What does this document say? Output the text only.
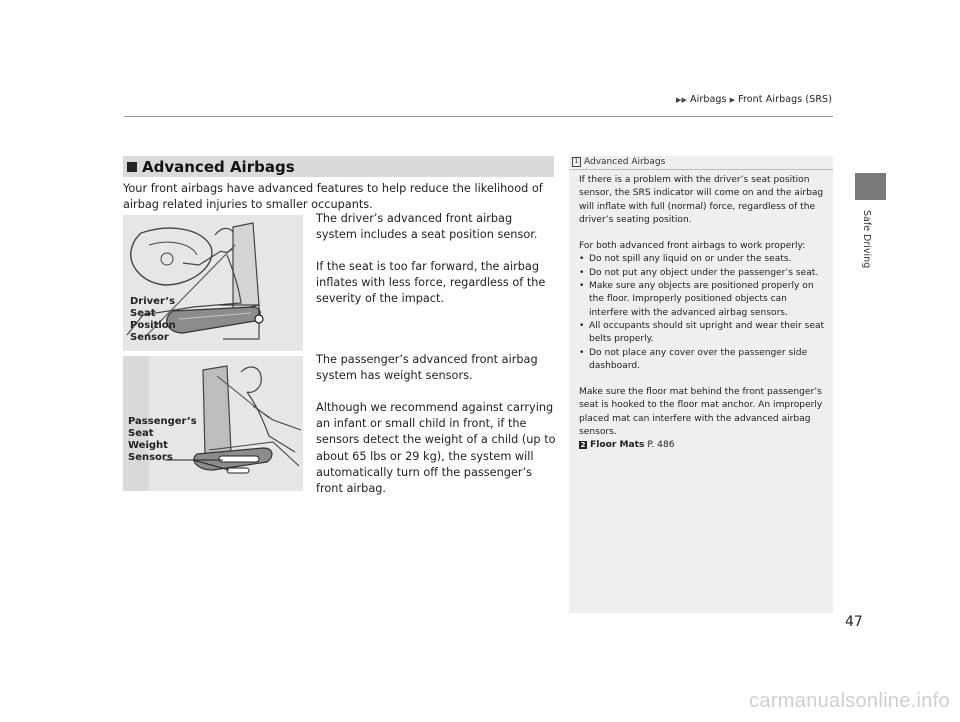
▶▶ Airbags ▶ Front Airbags (SRS)
Safe Driving
Advanced Airbags
Your front airbags have advanced features to help reduce the likelihood of airbag related injuries to smaller occupants.
Driver’s
Seat
Position
Sensor
Passenger’s
Seat
Weight
Sensors
The driver’s advanced front airbag system includes a seat position sensor.
If the seat is too far forward, the airbag inflates with less force, regardless of the severity of the impact.
The passenger’s advanced front airbag system has weight sensors.
Although we recommend against carrying an infant or small child in front, if the sensors detect the weight of a child (up to about 65 lbs or 29 kg), the system will automatically turn off the passenger’s front airbag.
1 Advanced Airbags

If there is a problem with the driver’s seat position sensor, the SRS indicator will come on and the airbag will inflate with full (normal) force, regardless of the driver’s seating position.

For both advanced front airbags to work properly:

• Do not spill any liquid on or under the seats.
• Do not put any object under the passenger’s seat.
• Make sure any objects are positioned properly on the floor. Improperly positioned objects can interfere with the advanced airbag sensors.
• All occupants should sit upright and wear their seat belts properly.
• Do not place any cover over the passenger side dashboard.

Make sure the floor mat behind the front passenger’s seat is hooked to the floor mat anchor. An improperly placed mat can interfere with the advanced airbag sensors.

2 Floor Mats P. 486

47
carmanualsonline.info
